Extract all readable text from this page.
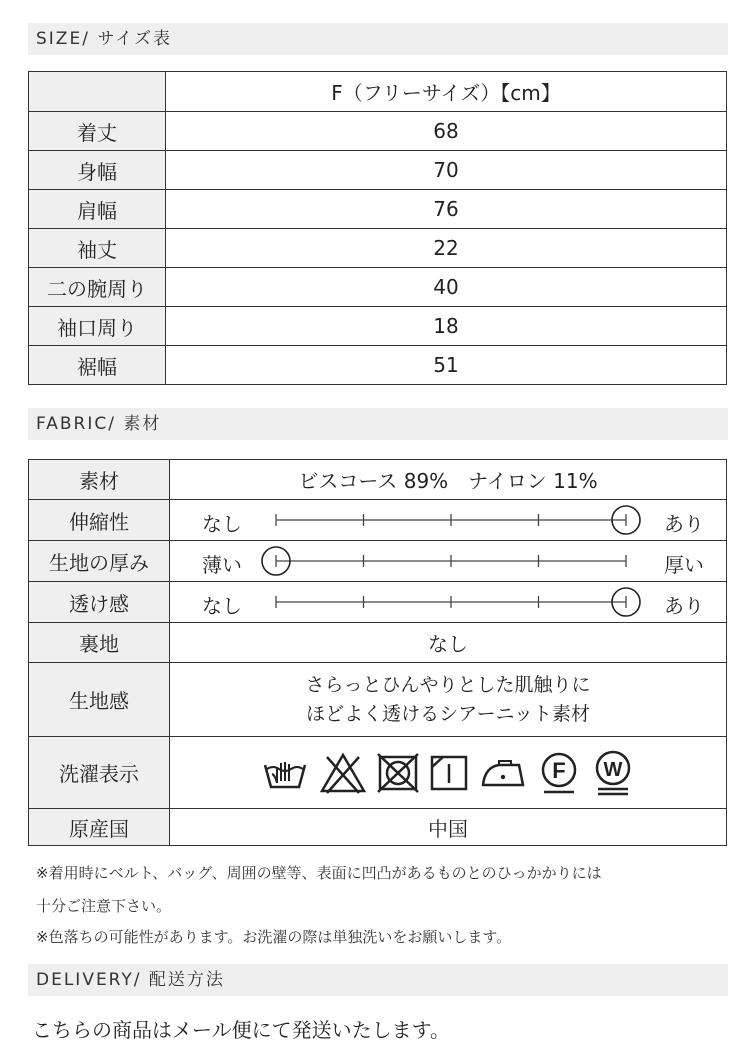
SIZE/ サイズ表
	F（フリーサイズ）【cm】
着丈	68
身幅	70
肩幅	76
袖丈	22
二の腕周り	40
袖口周り	18
裾幅	51
FABRIC/ 素材
素材	ビスコース 89%　ナイロン 11%
伸縮性	なし あり

生地の厚み	薄い 厚い

透け感	なし あり

裏地	なし
生地感	さらっとひんやりとした肌触りに
ほどよく透けるシアーニット素材

洗濯表示	F W

原産国	中国
※着用時にベルト、バッグ、周囲の壁等、表面に凹凸があるものとのひっかかりには
十分ご注意下さい。
※色落ちの可能性があります。お洗濯の際は単独洗いをお願いします。
DELIVERY/ 配送方法
こちらの商品はメール便にて発送いたします。
